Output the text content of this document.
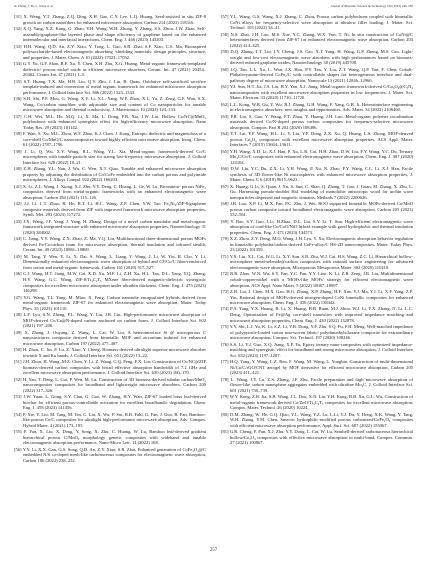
X. Zhang, J. Yu, L. Wang et al.	Journal of Materials Science & Technology 166 (2023) 249–258
[31] X. Wang, Y.T. Zhang, Z.Q. Ding, X.H. Gao, C.Y. Lee, L.Q. Huang, Seed-assisted in situ ZIF-8 growth on carbon nanofibers for enhanced microwave absorption, Carbon 214 (2023) 118316.
[32] X.Q. Yang, X.Z. Kong, G. Zhao, Y.H. Wang, W.H. Zhong, Y. Zhang, S.S. Zhou, J.W. Zhao, Self-assembly/graphene-like layered phase and shape efficiency of graphene based on the enhanced intermolecular and interfacial interactions, Chem. Eng. J. 466 (2023) 143203.
[33] H.H. Wang, Q.D. An, Z.Y. Xiao, Y. Tong, L. Guo, S.R. Zhai, S.F. Xiao, C.S. Ma, Bioinspired polysaccharide-based electromagnetic absorbing /shielding materials: design principles, structure, and properties, J. Mater. Chem. A 10 (2022) 17023–17052.
[34] G.Y. Yu, G.F. Shao, R.F. Xu, Y. Chen, X.H. Zhu, X.G. Huang, Metal-organic framework-templated dielectric/ porous nickel oxide as efficient microwave absorbers, Ceram. Int. 47 (2021) 20454–20462, Ceram. Int. 47 (2021) 1–5.
[35] S.T. Huang, T.X. Ma, H.R. Liu, Q.Y. Zhu, J. Liu, B. Quan, Oxidative self-sacrificed sacrifice template-induced and conversion of metal organic framework for enhanced microwave absorption performance, J. Colloid Interface Sci. 606 (2022) 1323–1333.
[36] S.H. Shi, P.F. Mou, G. Wang, X.Y. Li, X.L. Yang, W.F. Zhou, X.L. Yu, Z. Zeng, G.F. Wan, S.X. Wang, Co/carbon nanofiber with adjustable size and content of Co nanoparticles for tunable microwave absorption and thermal conductivity, J. Materiomics 10 (2024) 124–133.
[37] C.H. Wei, M.L. He, M.Q. Li, X. Ma, L. Dong, F.B. Xia, J.W. Liu, Hollow Co/NC@MnO₂ polyhedrons with enhanced synergistic effect for high-efficiency microwave absorption, Nano Today Res. 29 (2023) 101142.
[38] F. Wan, S. Xu, M.L. Zhou, W.F. Zhao, K.J. Chen, J. Kong, Entropic dielectric and magnetoloss of a core-shell Co/MnO/C nanocomposites toward highly efficient microwave absorption, Inorg. Chem. 61 (2022) 1787–1796.
[39] J. Li, Q. Wu, X.Y. Wang, R.L. Wang, Y.L. Xia, Metal-organic framework-derived Co/C microspheres with tunable particle size for strong low-frequency microwave absorption, J. Colloid Interface Sci. 628 (2022) 10–21.
[40] Z.H. Zhang, Y.L. Nan, J. Wu, C. Wen, X.T. Qiao, Tunable and enhanced microwave absorption property by adjusting the distribution of Co/CoFe embedded into the carbon porous and polyimide microspheres, J. Alloys Compd. 922 (2022) 166203.
[41] X. Li, Z.L. Wang, J. Xiong, X.J. Zhu, Y.Y. Deng, C. Hoang, L. Ge, W. Lu, Bicontinui- porous NiFe₂ composites derived from metal-organic frameworks with an enhanced electromagnetic wave absorption, Carbon 184 (2021) 115–126.
[42] J.J. Li, L.T. Zhao, R. He, R.T. Li, H.C. Wang, Z.P. Chen, Y.W. Tao, Fe₃Ni₂/ZIF-8/graphene composite materials derived from ZIF with improved framework microwave absorption properties, Synth. Met. 293 (2023) 117272.
[43] J.X. Wang, J.F. Yang, J. Yang, H. Zhang, Design of a novel carbon nanotube and metal-organic framework integrated structure with enhanced microwave absorption properties, Nanotechnology 31 (2020) 384002.
[44] C. Jiang, Y.Y. Wang, Z.X. Zhao, Z. Ma, Y.Q. Liu, Multifunctional three-dimensional porous MOFs derived Fe/Co/carbon foam for microwave absorption, thermal insulation and infrared stealth, Ceram. Int. 49 (2023) 18861–18869.
[45] M. Tang, Y. Wen, Y. Li, X. Dai, S. Wang, L. Liang, Y. Wang, J. Li, W. Yin, R. Cho, Y. Li, Dimensionally enhanced electromagnetic wave absorption of hybrid and CF/Co/C fiber-reinforced from cotton and metal-organic framework, Carbon 161 (2020) 517–527.
[46] C.J. Wang, H.T. Jiang, M.W. Cai, X.D. Xu, M.F. Li, Z.H. Xu, H.L. Tan, D.L. Yang, Y.Q. Zhang, H.Y. Wang, G.C. Wang, ZIF-8/Ti₃C₂Tₓ MXene fiber-derived magnetic-dielectric synergistic composites for excellent microwave absorption under ultrathin thickness, Chem. Eng. J. 475 (2023) 146298.
[47] Y.G. Wang, T.L. Yang, M. Miao, X. Feng, Carbon nanotube encapsulated hybrids derived from metal-organic framework ZIF-67 for enhanced electromagnetic wave absorption, Mater. Today Phys. 35 (2023) 101110.
[48] L.F. Lyu, S.N. Zheng, F.L. Wang, Y. Liu, J.R. Liu, High-performance microwave absorption of MOF-derived Co/Ca@N-doped carbon anchored on carbon foam, J. Colloid Interface Sci. 602 (2021) 197–206.
[49] X. Zhang, J. Ouyang, Z. Wang, L. Cai, W. Liu, A heterointerface Si @ microporous C nanostructures composite derived from bimetallic MOF and zirconium induced for enhanced microwave absorption, Carbon 197 (2022) 477–487.
[50] H. Zhou, C. Jin, P. Lu, Z. Xiao, Y. Cheng, Biomass-derived ultralight superior microwave absorber towards X and Ku bands, J. Colloid Interface Sci. 651 (2022) 13–22.
[51] J.H. Zhou, H. Wang, M.Z. Chen, Y. Li, Z. Wang, C.Q. Peng, F.X. Lin, Construction of Co/NC@ZIF biomass-derived carbon composites with broad effective absorption bandwidth of 7.2 GHz and excellent microwave absorption performance, J. Colloid Interface Sci. 630 (2023) 160–170.
[52] H. Yan, T. Deng, L. Cui, P. Wen, M. Lu, Construction of 3D biomass-derived tubular carbon/MnO₂ nanocomposites composites for broadband and lightweight microwave absorbers, Carbon 200 (2022) 317–326.
[53] J.W. Yuan, L. Gong, S.Y. Chai, G. Gao, W. Zhang, H.Y. Wan, ZIF-67 loaded lotus leaf-derived biochar for efficient porous-controllable activation for excellent broadbandic degradation, Chem. Eng. J. 458 (2023) 141456.
[54] F. Xie, Y. Liu, M. Tang, M. Yin, C. Liu, X. Wu, F. Sui, R.R. Fahl, G. Fan, J. Guo, R. Fan, Bamboo-like porous Co/C composites for ultralight high-performance microwave absorption, Adv. Compos. Hybrid Mater. 4 (2021) 173–185.
[55] F. Fan, X. Liu, X. Deng, Y. Song, X. Zhu, C. Huang, W. Lu, Bamboo leaf-derived gradient hierarchical porous C/MnO₂ morphology genetic composites with wideband and tunable electromagnetic absorption performance, Nano-Micro Lett. 14 (2022) 168.
[56] Y.Y. Li, X.X. Gan, G.S. Song, Q.D. An, Z.Y. Xiao, S.R. Zhai, Enhanced generation of CoFe₂O₄@C embedded N/S co-doped mesh-like carbonaceous composites for electromagnetic wave absorption, Carbon 186 (2022) 238–252.
[57] Y.L. Wang, G.S. Wang, X.J. Zhang, C. Zhou, Porous carbon polyhedrons coupled with bimetallic CoNi alloys for frequency-selective wave absorption at ultralow filler loading, J. Mater. Sci. Technol. 103 (2022) 34–41.
[58] N.S. Zhai, J.H. Luo, M.S. Xue, Y.C. Zhang, W.X. Yun, T. Ni, In situ construction of CoNi@C heterointerfaces derived from ZIF-67 for enhanced electromagnetic wave absorption, Carbon 203 (2022) 414–425.
[59] D.Q. Zhang, T.T. Liu, J.Y. Cheng, J.S. Cao, X.T. Yang, H. Wang, G.P. Zheng, M.S. Cao, Light-weight and low-cost electromagnetic wave absorbers with high performances based on biomass-derived reduced graphene oxides, Nanotechnology 30 (2019) 445708.
[60] J.Q. Tan, L.L. Xu, L. Wan, J.X. Hou, P.Y. Tan, Y. Liu, Z.T. Wang, Q.P. Yan, F. Chen, Cobalt-Phthalocyanine-derived CoFe₂/C with controllable shapes for heterogeneous interface and dual-pathway degree of microwave absorption, Nanoscale 13 (2021) 12846–12960.
[61] Y.J. Sun, H.T. Jia, J.S. Liu, H.Y. Yan, X.J. Jiang, Metal-organic framework-derived C/Co₃O₄@C₃N₄ nanocomposites with excellent microwave absorption properties in low frequencies, J. Mater. Sci. Mater. Electron. 33 (2020) 11710–11720.
[62] L.L. Kong, W.B. Gu, Y. Wu, B.J. Zhang, G.H. Wang, F. Yang, G.B. Ji, Heterointerface engineering in electromagnetic absorbers: new insights and opportunities, Adv. Mater. 34 (2022) 2106460.
[63] P.R. Liu, S. Gao, Y. Wang, F.T. Zhou, Y. Huang, J.H. Luo, Metal-organic polymer coordination materials derived Co/N-doped porous carbon composites for frequency-selective microwave absorption, Compos. Part B 202 (2020) 108406.
[64] Y.T. Lai, Y.F. Wang, H.L. Li, Y. Liu, Y.F. Dong, Z.X. Xu, Q. Huang, L.S. Zhong, MOF-derived porous Co₃O₄ composites with excellent microwave absorption properties, ACS Appl. Mater. Interfaces 7 (2015) 13604–13611.
[65] Y.H. Wang, X.D. Li, X.J. Han, P. Xu, L.R. Cui, H.H. Zhao, D.W. Liu, F.Y. Wang, Y.C. Du, Ternary Mo₂C/Co/C composites with enhanced electromagnetic wave absorption, Chem. Eng. J. 387 (2020) 124104.
[66] D.W. Liu, Y.C. Du, Z.X. Li, Y.H. Wang, P. Xu, N. Zhao, F.Y. Wang, C.L. Li, X.J. Han, Facile synthesis of 3D flower-like Ni microspheres with enhanced microwave absorption properties, J. Mater. Chem. C 6 (2018) 9615–9623.
[67] X. Huang, G.Li, S. Quan, J. Xu, S. Sun, C. Shao, Q. Zhang, T. Gao, J. Guan, M. Zhang, X. Zhu, L. Gu, Harnessing pseudo-doublet Hal. modeling of monolithic anisotropic wood for urchin wave nanoparticles dispersed and magnetic domains, Methods 7 (2022) 2200626.
[68] J.R. Luo, X.P. Li, M.X. Fan, P.C. Zhu, J. Wei, ROO supported bimetallic MOFs-derived Co/MnO porous carbon composite toward broadband electromagnetic wave absorption, Carbon 205 (2023) 552–561.
[69] Y. Bao, S.Y. Guo, J.Li, H.Zhao, D.L. Liu, S.Y. Li, T. Sun, High-efficient electromagnetic wave absorption of cord-like Co/CoO/NiO hybrid example with good hydrophobic and thermal insulation properties, Chem. Eng. J. 471 (2023) 144573.
[70] X.Z. Zhou, Z.Y. Deng, M.G. Wang, J.H. Lyu, Y. Xu, Electromagnetic absorption behavior regulation in bimetallic polyhedra/carbon derived CoFe-alloy/C HS-2D nanocomposites, Mater. Today Phys. 23 (2022) 101359.
[71] Y.X. Liu, X.L. Cai, W.G. Li, X.Y. Sun, S.B. Zhu, W.J. Cai, H.S. Wang, Z.C. Li, Hierarchical hollow-microsphere metal-selenide@carbon composites with rational surface engineering for advanced electromagnetic wave absorption, Microporous Mesoporous Mater. 302 (2020) 110210.
[72] B.R. Zhao, W.N. Wu, S.Y. Fan, Y.C. Fan, Y.Y. Liao, K. Li, Z.R. Zeng, J.R. Liu, Multidimensional cobalt-copper-nickel with a 'MOFs-like MOFs' strategy for efficient electromagnetic wave absorption, ACS Appl. Nano Mater. 5 (2022) 18087–18097.
[73] Z.R. Liu, J. Chen, M.X. Gao, H.G. Zhang, X.P. Zhang, H.F. Xue, Y.J. Ma, Y.J. Li, X.F. Yang, Z.P. Yin, Rational design of MOFs-derived nitrogen-doped CoNi bimetallic composites for enhanced microwave absorption, Chem. Eng. J. 450 (2022) 138442.
[74] P.A. Yang, Y.X. Huang, R. Li, X. Huang, H.B. Ruan, M.J. Shou, W.J. Li, Y.X. Zhang, N. Li, L.C. Deng, Optimization of Fe@Ag core-shell nanowires with improved impedance matching and microwave absorption properties, Chem. Eng. J. 430 (2022) 132878.
[75] Y.Y. Shi, L.J. Yu, K. Li, S.Z. Li, Y.B. Dong, Y.F. Zhu, Y.Q. Fu, F.H. Meng, Well-matched impedance of polypyrrole-loaded cotton non-woven fabric/ polydimethylsiloxane composite for extraordinary microwave absorption, Compos. Sci. Technol. 197 (2020) 108246.
[76] S.S. Li, Y.J. Guo, X.Q. Jiang, X.F. Yu, Epoxy ternary nano-composites with optimized impedance-matching and synergistic effect for broadband and strong microwave absorption, J. Colloid Interface Sci. 632 (2023) 1197–1207.
[77] H.Q. Yang, Y. Wang, L.Z. Ren, F. Wang, M. Wang, L. Yongbin, Construction of multi-dimensional Ni/Co/C/rGO/CNT aerogel by MOF derivative for efficient microwave absorption, Carbon 205 (2023) 411–421.
[78] L. Wang, J.Y. Lu, Z.S. Zhang, J.F. Zhu, Facile preparation and high microwave absorption of flower-like carbon nanosphere aggregates embedded with ultrafine Mo₂C, J. Colloid Interface Sci. 601 (2021) 730–739.
[79] W.Y. Kong, Z.R. Jia, S.B. Wang, J.L. Dou, X.N. Lin, Y.H. Kong, B.B. Xu, G.L. Wu, Construction of metal-organic framework derived Co/ZnO/Ti₃C₂Tₓ composites for excellent microwave absorption, Compos. Mater. Technol. 26 (2020) 10224.
[80] D.M. Zhang, W. He, G.Q. Qiao, Y.L. Wang, Y.Z. Lu, L.Li, Y.J. Du, Y. Hong, X.K. Wang, Y. Tang, W.H. Zhang, Y.M. Chen, Smectic hydrophilic-modified porous carbonized/CoFe₂O₄ composites with efficient microwave absorption performance, Appl. Surf. Sci. 607 (2022) 155067.
[81] G.R. Cheng, F. Pan, X.J. Zhu, Y.Y. Dong, L. Cai, W. Lu, Seashell-derived carbonaceous hierarchical hollow/Co₃O₄ composites with effective microwave absorption in multi-band, Compos. Commun. 27 (2021) 100867.
257
